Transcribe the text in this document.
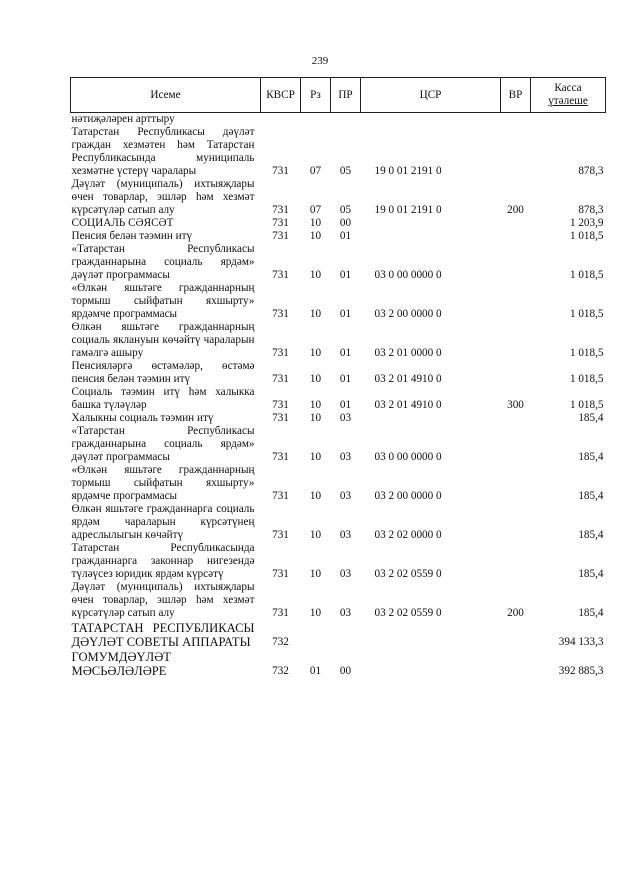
239
Исеме	КВСР	Рз	ПР	ЦСР	ВР	Касса
үтәлеше

нәтиҗәләрен арттыру						
Татарстан Республикасы дәүләт граждан хезмәтен һәм Татарстан Республикасында муниципаль хезмәтне үстерү чаралары	731	07	05	19 0 01 2191 0		878,3
Дәүләт (муниципаль) ихтыяҗлары өчен товарлар, эшләр һәм хезмәт күрсәтүләр сатып алу	731	07	05	19 0 01 2191 0	200	878,3
СОЦИАЛЬ СӘЯСӘТ	731	10	00			1 203,9
Пенсия белән тәэмин итү	731	10	01			1 018,5
«Татарстан Республикасы гражданнарына социаль ярдәм» дәүләт программасы	731	10	01	03 0 00 0000 0		1 018,5
«Өлкән яшьтәге гражданнарның тормыш сыйфатын яхшырту» ярдәмче программасы	731	10	01	03 2 00 0000 0		1 018,5
Өлкән яшьтәге гражданнарның социаль яклануын көчәйтү чараларын гамәлгә ашыру	731	10	01	03 2 01 0000 0		1 018,5
Пенсияләргә өстәмәләр, өстәмә пенсия белән тәэмин итү	731	10	01	03 2 01 4910 0		1 018,5
Социаль тәэмин итү һәм халыкка башка түләүләр	731	10	01	03 2 01 4910 0	300	1 018,5
Халыкны социаль тәэмин итү	731	10	03			185,4
«Татарстан Республикасы гражданнарына социаль ярдәм» дәүләт программасы	731	10	03	03 0 00 0000 0		185,4
«Өлкән яшьтәге гражданнарның тормыш сыйфатын яхшырту» ярдәмче программасы	731	10	03	03 2 00 0000 0		185,4
Өлкән яшьтәге гражданнарга социаль ярдәм чараларын күрсәтүнең адреслылыгын көчәйтү	731	10	03	03 2 02 0000 0		185,4
Татарстан Республикасында гражданнарга законнар нигезендә түләүсез юридик ярдәм күрсәтү	731	10	03	03 2 02 0559 0		185,4
Дәүләт (муниципаль) ихтыяҗлары өчен товарлар, эшләр һәм хезмәт күрсәтүләр сатып алу	731	10	03	03 2 02 0559 0	200	185,4
ТАТАРСТАН РЕСПУБЛИКАСЫ ДӘҮЛӘТ СОВЕТЫ АППАРАТЫ	732					394 133,3
ГОМУМДӘҮЛӘТ МӘСЬӘЛӘЛӘРЕ	732	01	00			392 885,3
